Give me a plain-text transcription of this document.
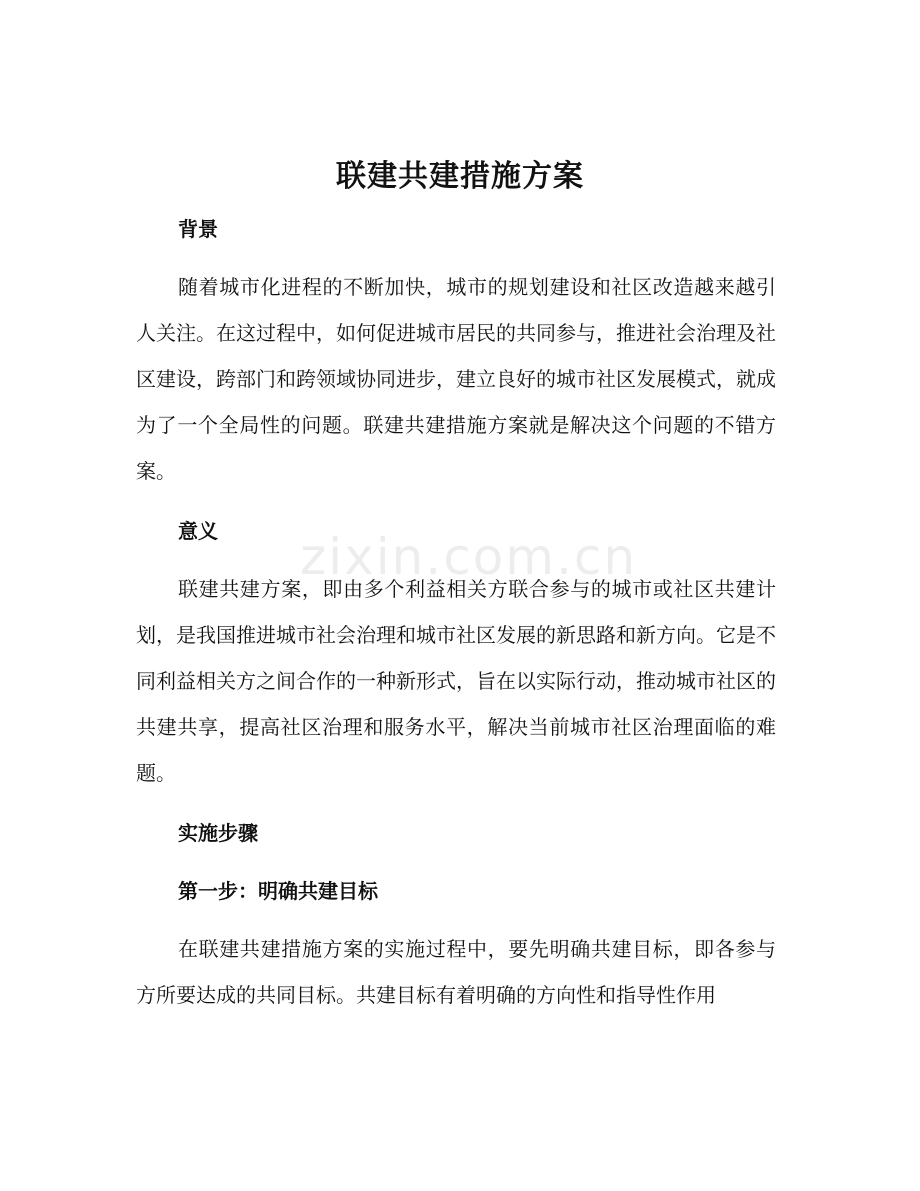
zixin.com.cn
联建共建措施方案

背景

随着城市化进程的不断加快，城市的规划建设和社区改造越来越引人关注。在这过程中，如何促进城市居民的共同参与，推进社会治理及社区建设，跨部门和跨领域协同进步，建立良好的城市社区发展模式，就成为了一个全局性的问题。联建共建措施方案就是解决这个问题的不错方案。

意义

联建共建方案，即由多个利益相关方联合参与的城市或社区共建计划，是我国推进城市社会治理和城市社区发展的新思路和新方向。它是不同利益相关方之间合作的一种新形式，旨在以实际行动，推动城市社区的共建共享，提高社区治理和服务水平，解决当前城市社区治理面临的难题。

实施步骤

第一步：明确共建目标

在联建共建措施方案的实施过程中，要先明确共建目标，即各参与方所要达成的共同目标。共建目标有着明确的方向性和指导性作用
